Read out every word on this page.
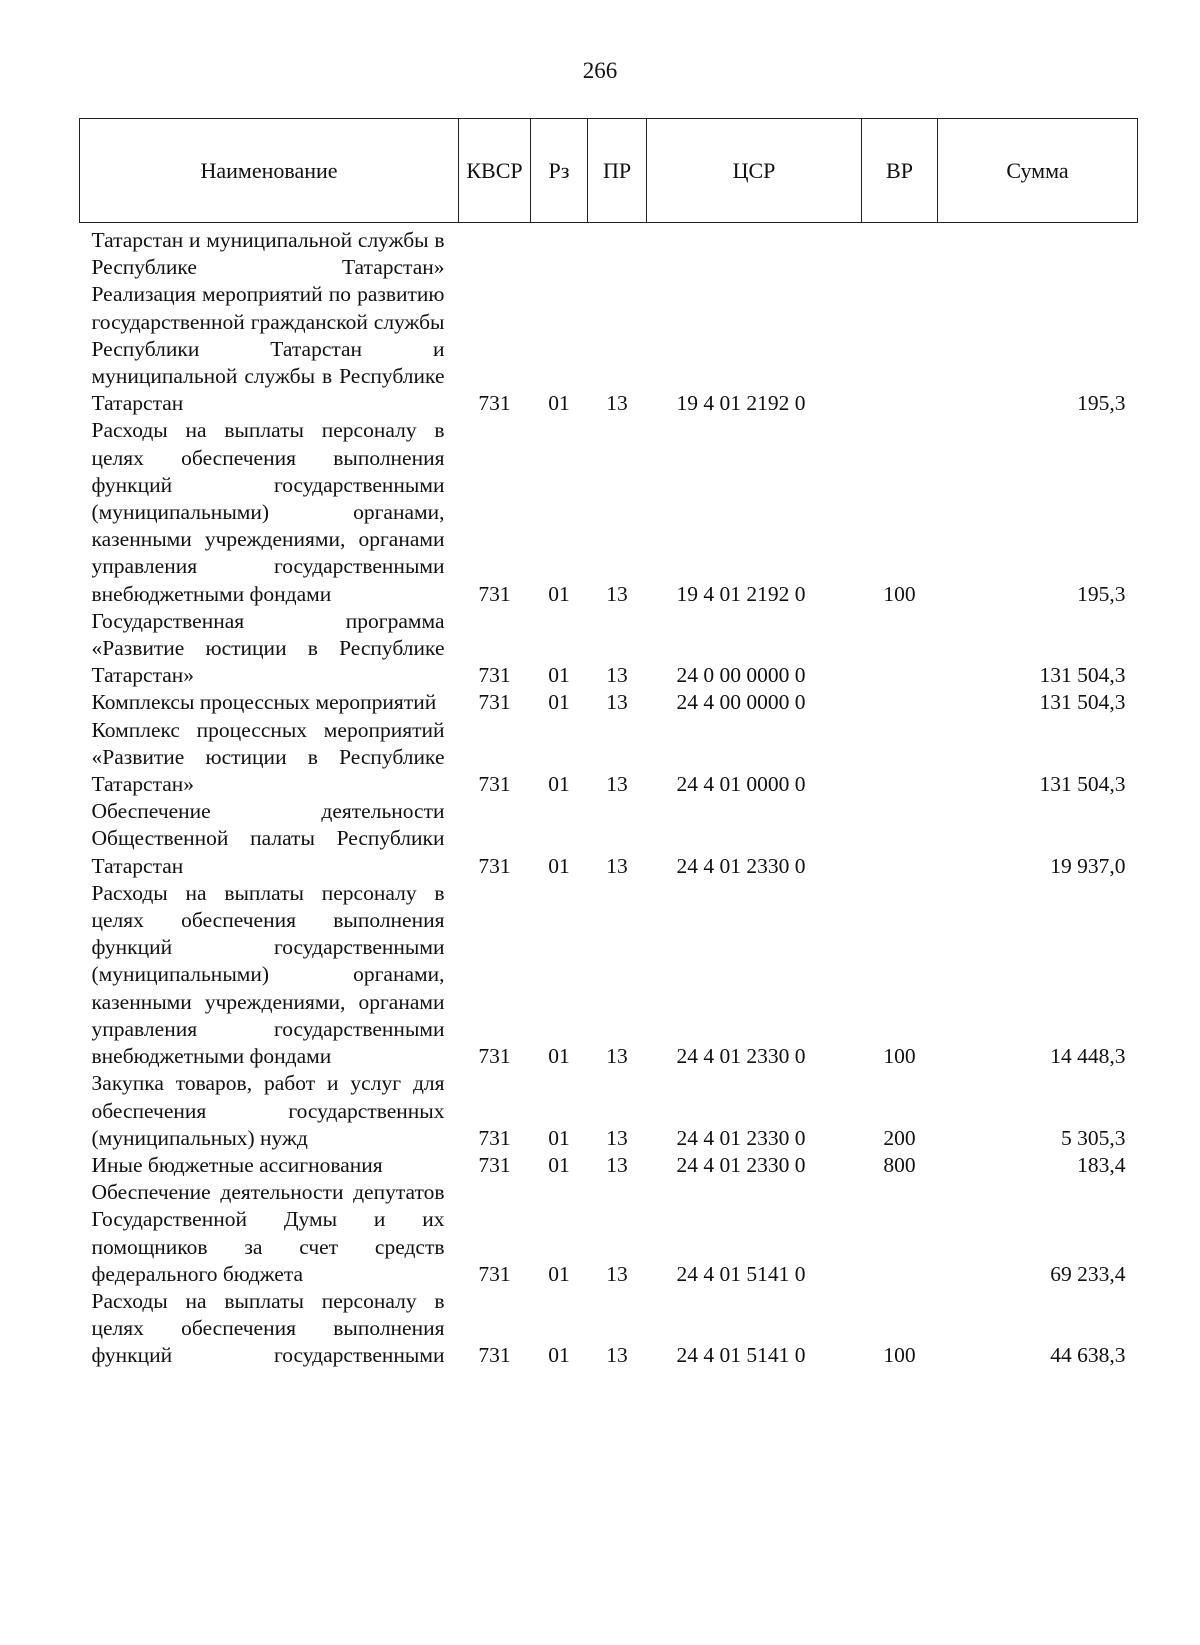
266
Наименование	КВСР	Рз	ПР	ЦСР	ВР	Сумма
Татарстан и муниципальной службы в Республике Татарстан»						
Реализация мероприятий по развитию государственной гражданской службы Республики Татарстан и муниципальной службы в Республике Татарстан	731	01	13	19 4 01 2192 0		195,3
Расходы на выплаты персоналу в целях обеспечения выполнения функций государственными (муниципальными) органами, казенными учреждениями, органами управления государственными внебюджетными фондами	731	01	13	19 4 01 2192 0	100	195,3
Государственная программа «Развитие юстиции в Республике Татарстан»	731	01	13	24 0 00 0000 0		131 504,3
Комплексы процессных мероприятий	731	01	13	24 4 00 0000 0		131 504,3
Комплекс процессных мероприятий «Развитие юстиции в Республике Татарстан»	731	01	13	24 4 01 0000 0		131 504,3
Обеспечение деятельности Общественной палаты Республики Татарстан	731	01	13	24 4 01 2330 0		19 937,0
Расходы на выплаты персоналу в целях обеспечения выполнения функций государственными (муниципальными) органами, казенными учреждениями, органами управления государственными внебюджетными фондами	731	01	13	24 4 01 2330 0	100	14 448,3
Закупка товаров, работ и услуг для обеспечения государственных (муниципальных) нужд	731	01	13	24 4 01 2330 0	200	5 305,3
Иные бюджетные ассигнования	731	01	13	24 4 01 2330 0	800	183,4
Обеспечение деятельности депутатов Государственной Думы и их помощников за счет средств федерального бюджета	731	01	13	24 4 01 5141 0		69 233,4
Расходы на выплаты персоналу в целях обеспечения выполнения функций государственными	731	01	13	24 4 01 5141 0	100	44 638,3
